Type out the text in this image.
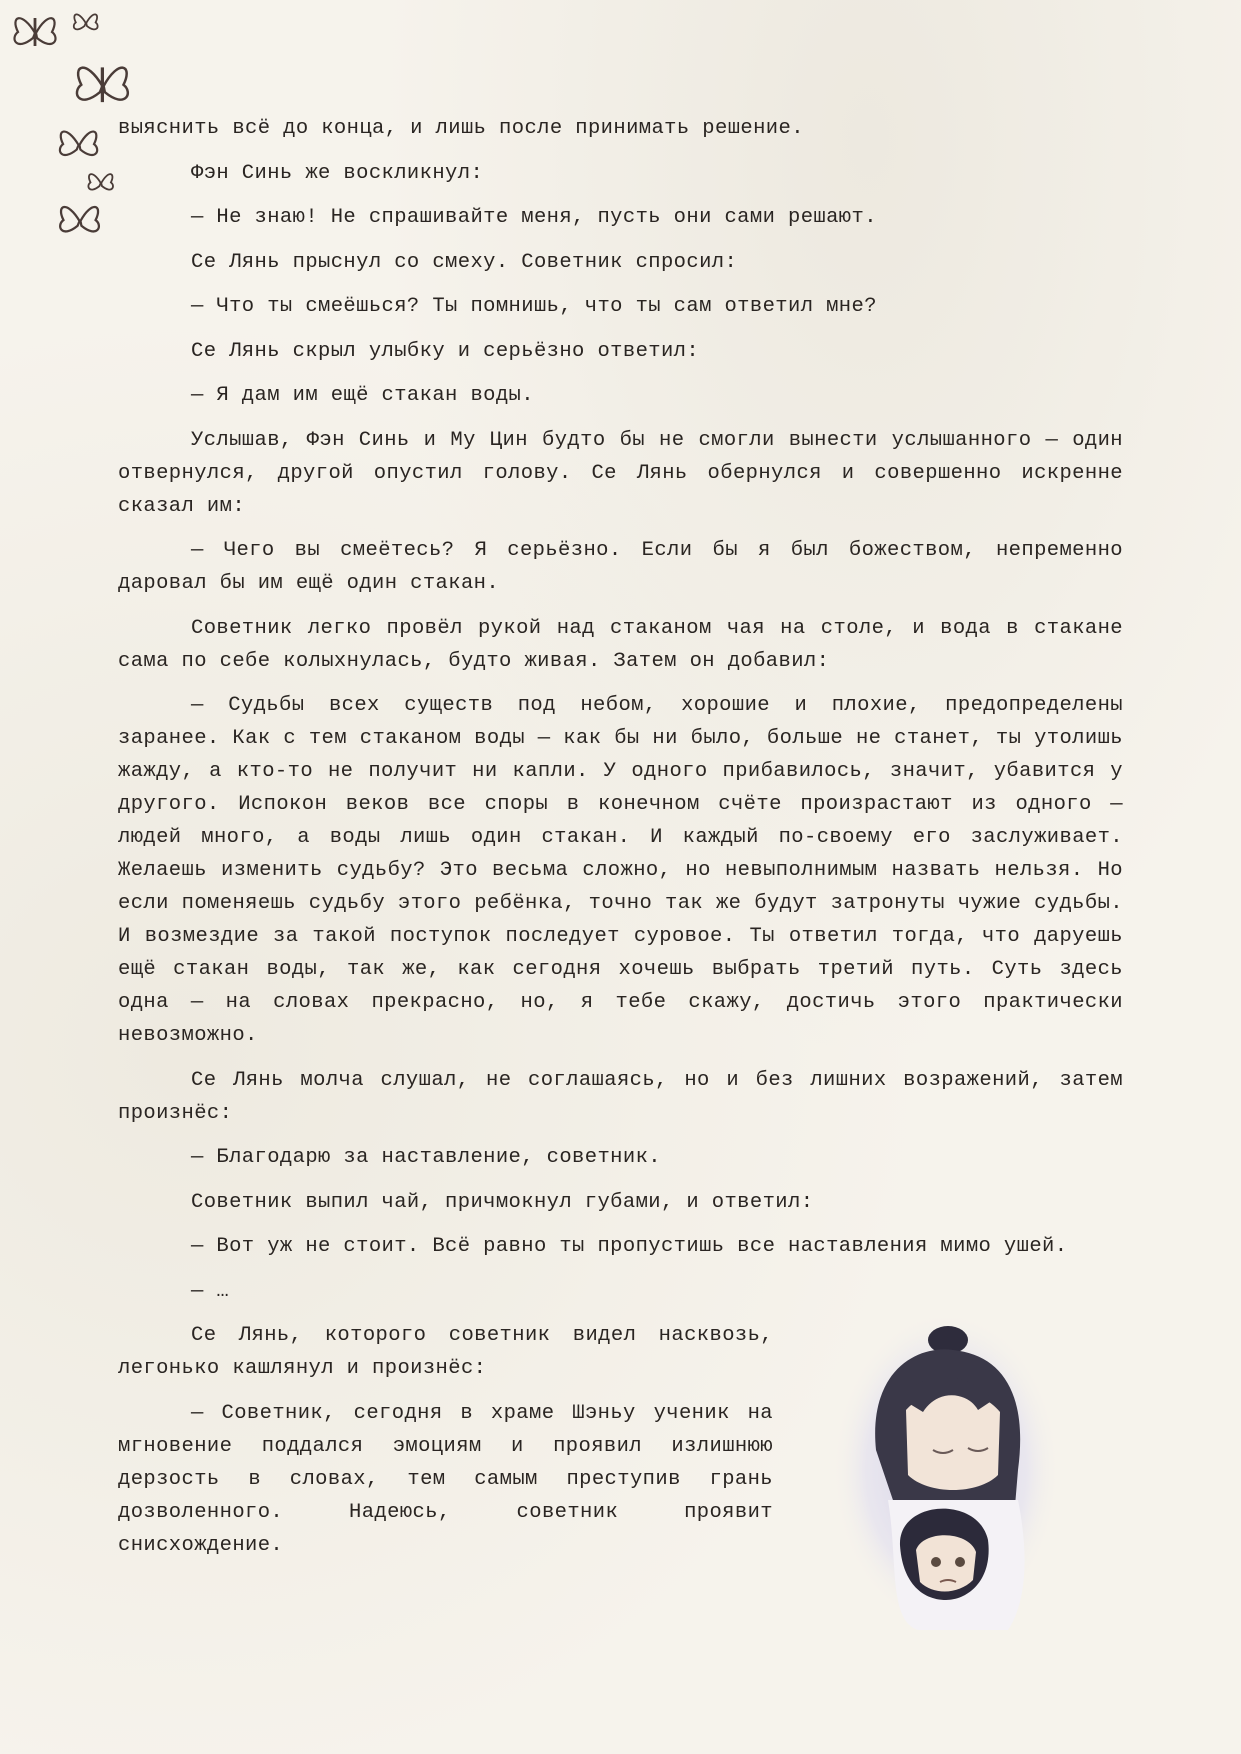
выяснить всё до конца, и лишь после принимать решение.

Фэн Синь же воскликнул:

— Не знаю! Не спрашивайте меня, пусть они сами решают.

Се Лянь прыснул со смеху. Советник спросил:

— Что ты смеёшься? Ты помнишь, что ты сам ответил мне?

Се Лянь скрыл улыбку и серьёзно ответил:

— Я дам им ещё стакан воды.

Услышав, Фэн Синь и Му Цин будто бы не смогли вынести услышанного — один отвернулся, другой опустил голову. Се Лянь обернулся и совершенно искренне сказал им:

— Чего вы смеётесь? Я серьёзно. Если бы я был божеством, непременно даровал бы им ещё один стакан.

Советник легко провёл рукой над стаканом чая на столе, и вода в стакане сама по себе колыхнулась, будто живая. Затем он добавил:

— Судьбы всех существ под небом, хорошие и плохие, предопределены заранее. Как с тем стаканом воды — как бы ни было, больше не станет, ты утолишь жажду, а кто-то не получит ни капли. У одного прибавилось, значит, убавится у другого. Испокон веков все споры в конечном счёте произрастают из одного — людей много, а воды лишь один стакан. И каждый по-своему его заслуживает. Желаешь изменить судьбу? Это весьма сложно, но невыполнимым назвать нельзя. Но если поменяешь судьбу этого ребёнка, точно так же будут затронуты чужие судьбы. И возмездие за такой поступок последует суровое. Ты ответил тогда, что даруешь ещё стакан воды, так же, как сегодня хочешь выбрать третий путь. Суть здесь одна — на словах прекрасно, но, я тебе скажу, достичь этого практически невозможно.

Се Лянь молча слушал, не соглашаясь, но и без лишних возражений, затем произнёс:

— Благодарю за наставление, советник.

Советник выпил чай, причмокнул губами, и ответил:

— Вот уж не стоит. Всё равно ты пропустишь все наставления мимо ушей.

— …

Се Лянь, которого советник видел насквозь, легонько кашлянул и произнёс:

— Советник, сегодня в храме Шэньу ученик на мгновение поддался эмоциям и проявил излишнюю дерзость в словах, тем самым преступив грань дозволенного. Надеюсь, советник проявит снисхождение.
